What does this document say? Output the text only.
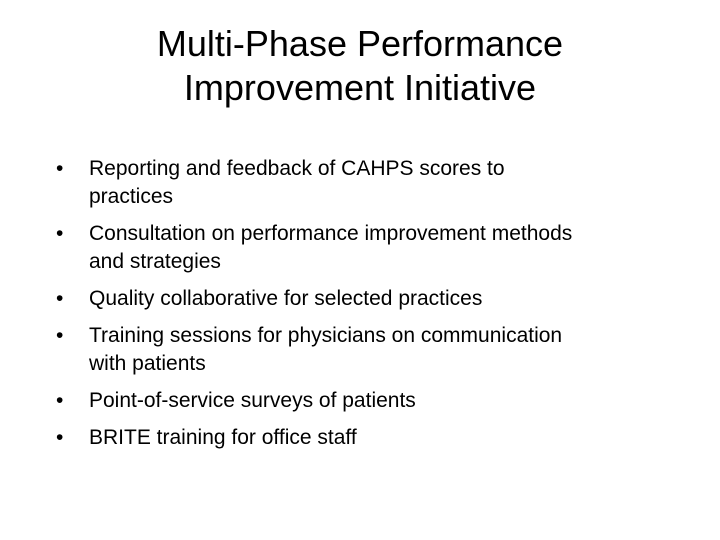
Multi-Phase Performance
Improvement Initiative
•	Reporting and feedback of CAHPS scores to
practices
•	Consultation on performance improvement methods
and strategies
•	Quality collaborative for selected practices
•	Training sessions for physicians on communication
with patients
•	Point-of-service surveys of patients
•	BRITE training for office staff
